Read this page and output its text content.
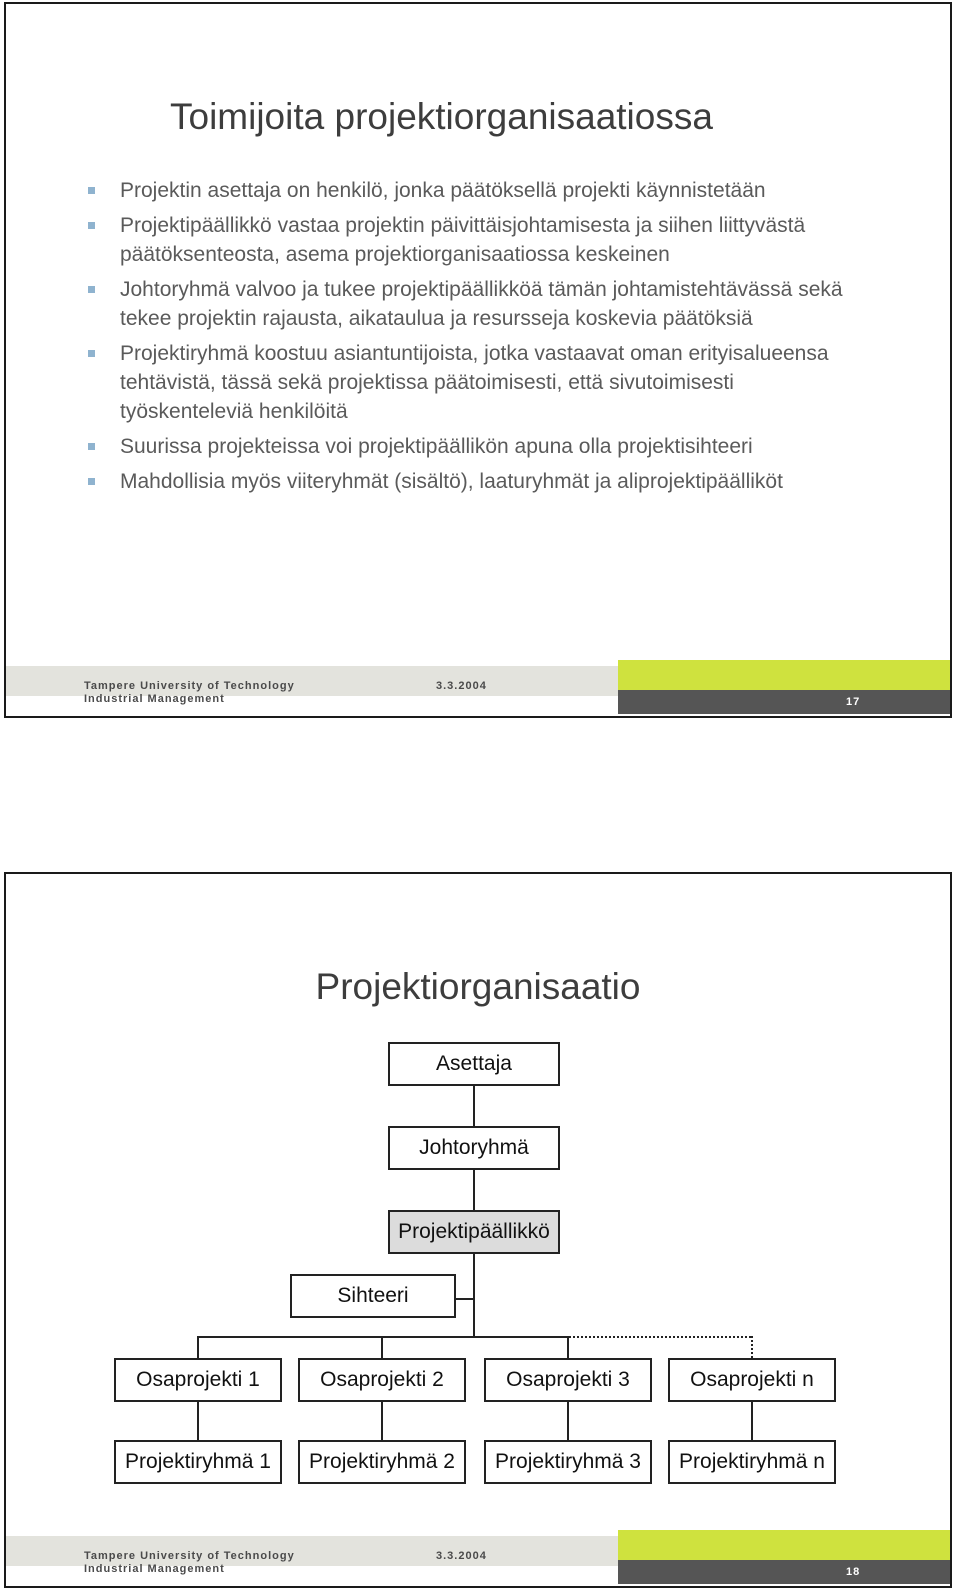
Toimijoita projektiorganisaatiossa
Projektin asettaja on henkilö, jonka päätöksellä projekti käynnistetään
Projektipäällikkö vastaa projektin päivittäisjohtamisesta ja siihen liittyvästä päätöksenteosta, asema projektiorganisaatiossa keskeinen
Johtoryhmä valvoo ja tukee projektipäällikköä tämän johtamistehtävässä sekä tekee projektin rajausta, aikataulua ja resursseja koskevia päätöksiä
Projektiryhmä koostuu asiantuntijoista, jotka vastaavat oman erityisalueensa tehtävistä, tässä sekä projektissa päätoimisesti, että sivutoimisesti työskenteleviä henkilöitä
Suurissa projekteissa voi projektipäällikön apuna olla projektisihteeri
Mahdollisia myös viiteryhmät (sisältö), laaturyhmät ja aliprojektipäälliköt
Tampere University of Technology
Industrial Management
3.3.2004
17
Projektiorganisaatio
Asettaja
Johtoryhmä
Projektipäällikkö
Sihteeri
Osaprojekti 1	Osaprojekti 2	Osaprojekti 3	Osaprojekti n
Projektiryhmä 1	Projektiryhmä 2	Projektiryhmä 3	Projektiryhmä n
Tampere University of Technology
Industrial Management
3.3.2004
18
